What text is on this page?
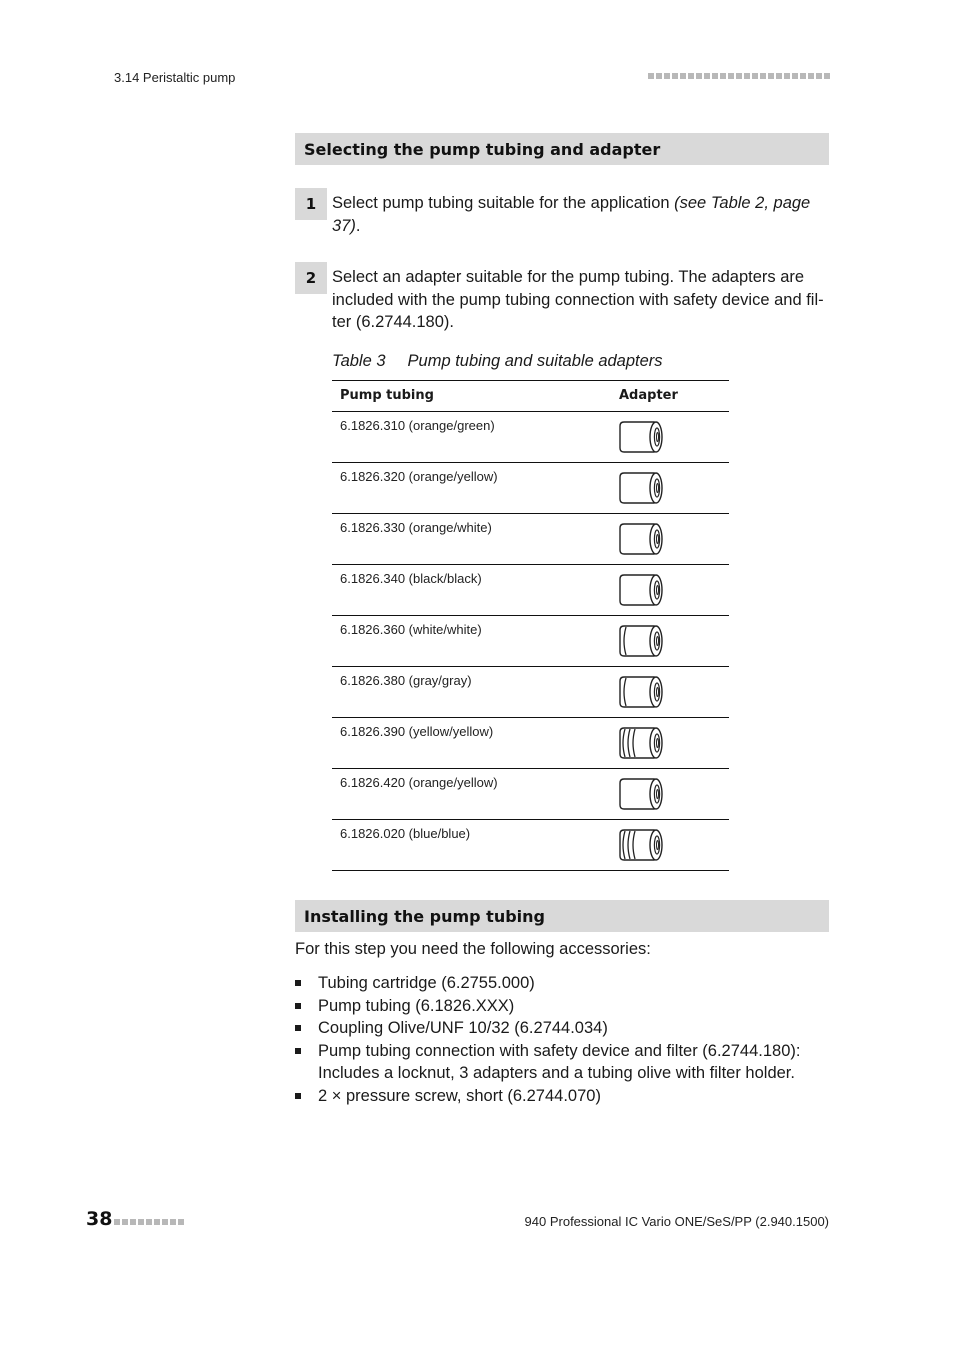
3.14 Peristaltic pump
Selecting the pump tubing and adapter
1 Select pump tubing suitable for the application (see Table 2, page 37).
2 Select an adapter suitable for the pump tubing. The adapters are included with the pump tubing connection with safety device and fil-ter (6.2744.180).
Table 3 Pump tubing and suitable adapters
Pump tubing	Adapter
6.1826.310 (orange/green)
6.1826.320 (orange/yellow)
6.1826.330 (orange/white)
6.1826.340 (black/black)
6.1826.360 (white/white)
6.1826.380 (gray/gray)
6.1826.390 (yellow/yellow)
6.1826.420 (orange/yellow)
6.1826.020 (blue/blue)
Installing the pump tubing
For this step you need the following accessories:
Tubing cartridge (6.2755.000)
Pump tubing (6.1826.XXX)
Coupling Olive/UNF 10/32 (6.2744.034)
Pump tubing connection with safety device and filter (6.2744.180): Includes a locknut, 3 adapters and a tubing olive with filter holder.
2 × pressure screw, short (6.2744.070)
38	940 Professional IC Vario ONE/SeS/PP (2.940.1500)
